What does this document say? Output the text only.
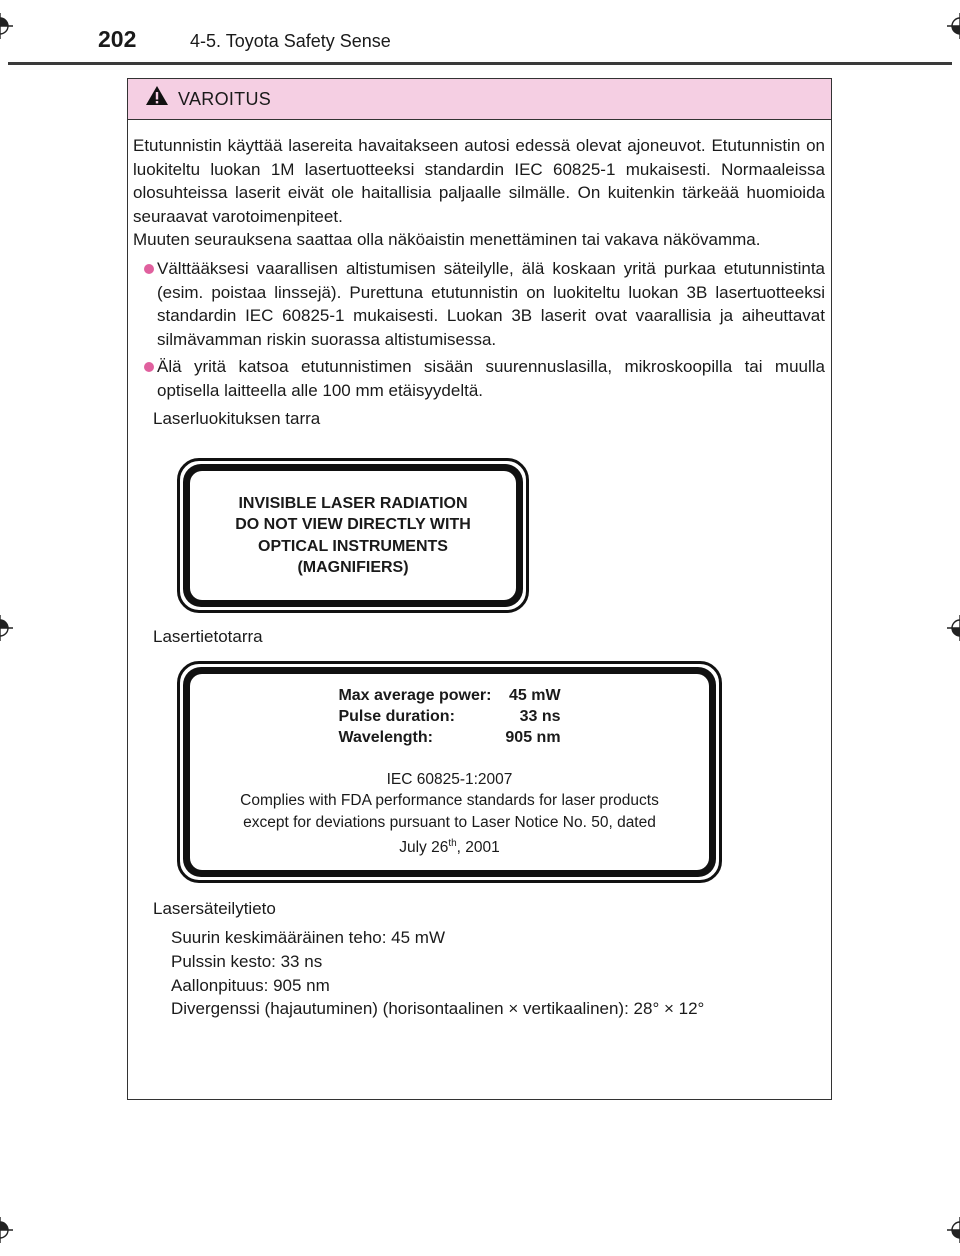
202	4-5. Toyota Safety Sense
VAROITUS

Etutunnistin käyttää lasereita havaitakseen autosi edessä olevat ajoneuvot. Etutunnistin on luokiteltu luokan 1M lasertuotteeksi standardin IEC 60825-1 mukaisesti. Normaaleissa olosuhteissa laserit eivät ole haitallisia paljaalle silmälle. On kuitenkin tärkeää huomioida seuraavat varotoimenpiteet.

Muuten seurauksena saattaa olla näköaistin menettäminen tai vakava näkövamma.

Välttääksesi vaarallisen altistumisen säteilylle, älä koskaan yritä purkaa etutunnistinta (esim. poistaa linssejä). Purettuna etutunnistin on luokiteltu luokan 3B lasertuotteeksi standardin IEC 60825-1 mukaisesti. Luokan 3B laserit ovat vaarallisia ja aiheuttavat silmävamman riskin suorassa altistumisessa.
Älä yritä katsoa etutunnistimen sisään suurennuslasilla, mikroskoopilla tai muulla optisella laitteella alle 100 mm etäisyydeltä.
Laserluokituksen tarra
INVISIBLE LASER RADIATION
DO NOT VIEW DIRECTLY WITH
OPTICAL INSTRUMENTS
(MAGNIFIERS)
Lasertietotarra
Max average power: 45 mW
Pulse duration:	33 ns
Wavelength:	905 nm
IEC 60825-1:2007
Complies with FDA performance standards for laser products
except for deviations pursuant to Laser Notice No. 50, dated
July 26th, 2001
Lasersäteilytieto
Suurin keskimääräinen teho: 45 mW
Pulssin kesto: 33 ns
Aallonpituus: 905 nm
Divergenssi (hajautuminen) (horisontaalinen × vertikaalinen): 28° × 12°
